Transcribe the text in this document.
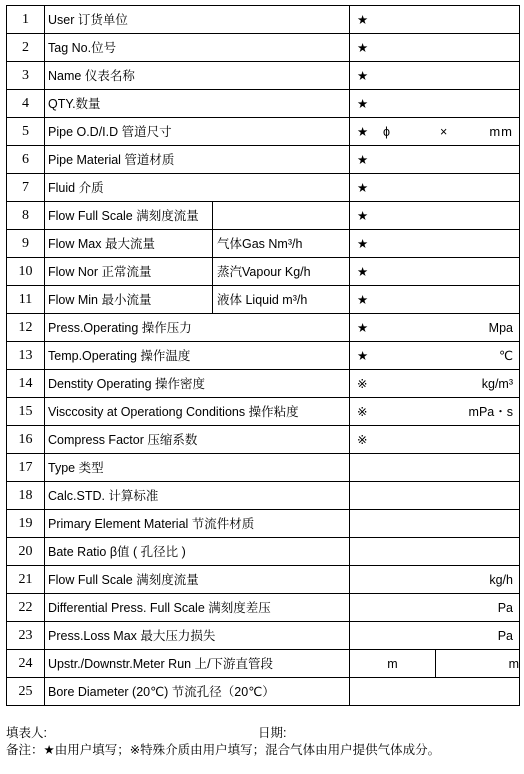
1	User 订货单位		★	
2	Tag No.位号		★	
3	Name 仪表名称		★	
4	QTY.数量		★	
5	Pipe O.D/I.D 管道尺寸		★ ϕ × mm	

6	Pipe Material 管道材质		★	
7	Fluid 介质		★	
8	Flow Full Scale 满刻度流量		★	
9	Flow Max 最大流量	气体Gas Nm³/h	★	
10	Flow Nor 正常流量	蒸汽Vapour Kg/h	★	
11	Flow Min 最小流量	液体 Liquid m³/h	★	
12	Press.Operating 操作压力		★ Mpa	

13	Temp.Operating 操作温度		★ ℃	

14	Denstity Operating 操作密度		※ kg/m³	

15	Visccosity at Operationg Conditions 操作粘度		※ mPa・s	

16	Compress Factor 压缩系数		※	
17	Type 类型			
18	Calc.STD. 计算标准			
19	Primary Element Material 节流件材质			
20	Bate Ratio β值 ( 孔径比 )			
21	Flow Full Scale 满刻度流量		kg/h	

22	Differential Press. Full Scale 满刻度差压		Pa	

23	Press.Loss Max 最大压力损失		Pa	

24	Upstr./Downstr.Meter Run 上/下游直管段		m	m
25	Bore Diameter (20℃) 节流孔径（20℃）			
填表人:	日期:
备注：★由用户填写；※特殊介质由用户填写；混合气体由用户提供气体成分。
